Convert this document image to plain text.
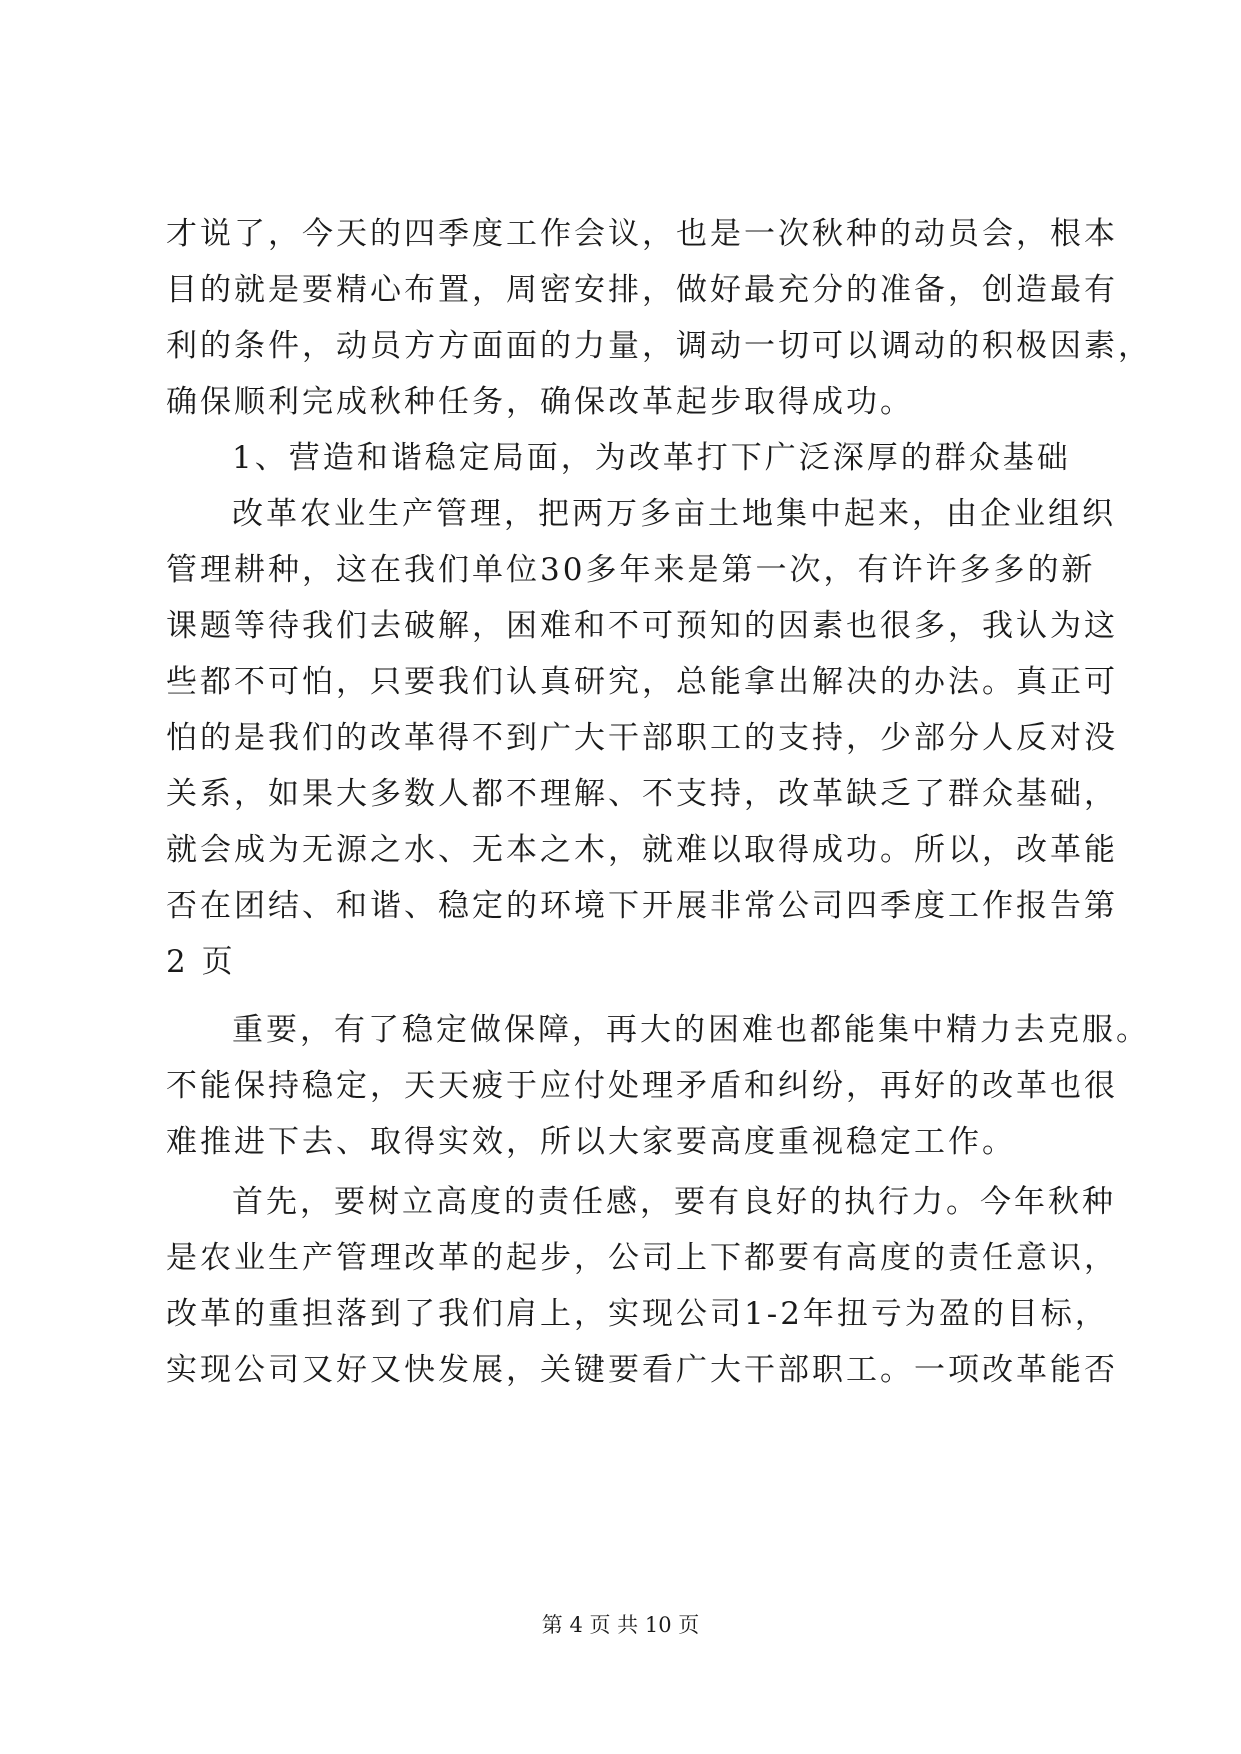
才说了，今天的四季度工作会议，也是一次秋种的动员会，根本
目的就是要精心布置，周密安排，做好最充分的准备，创造最有
利的条件，动员方方面面的力量，调动一切可以调动的积极因素，
确保顺利完成秋种任务，确保改革起步取得成功。
1、营造和谐稳定局面，为改革打下广泛深厚的群众基础
改革农业生产管理，把两万多亩土地集中起来，由企业组织
管理耕种，这在我们单位30多年来是第一次，有许许多多的新
课题等待我们去破解，困难和不可预知的因素也很多，我认为这
些都不可怕，只要我们认真研究，总能拿出解决的办法。真正可
怕的是我们的改革得不到广大干部职工的支持，少部分人反对没
关系，如果大多数人都不理解、不支持，改革缺乏了群众基础，
就会成为无源之水、无本之木，就难以取得成功。所以，改革能
否在团结、和谐、稳定的环境下开展非常公司四季度工作报告第
2 页
重要，有了稳定做保障，再大的困难也都能集中精力去克服。
不能保持稳定，天天疲于应付处理矛盾和纠纷，再好的改革也很
难推进下去、取得实效，所以大家要高度重视稳定工作。
首先，要树立高度的责任感，要有良好的执行力。今年秋种
是农业生产管理改革的起步，公司上下都要有高度的责任意识，
改革的重担落到了我们肩上，实现公司1-2年扭亏为盈的目标，
实现公司又好又快发展，关键要看广大干部职工。一项改革能否
第 4 页 共 10 页
